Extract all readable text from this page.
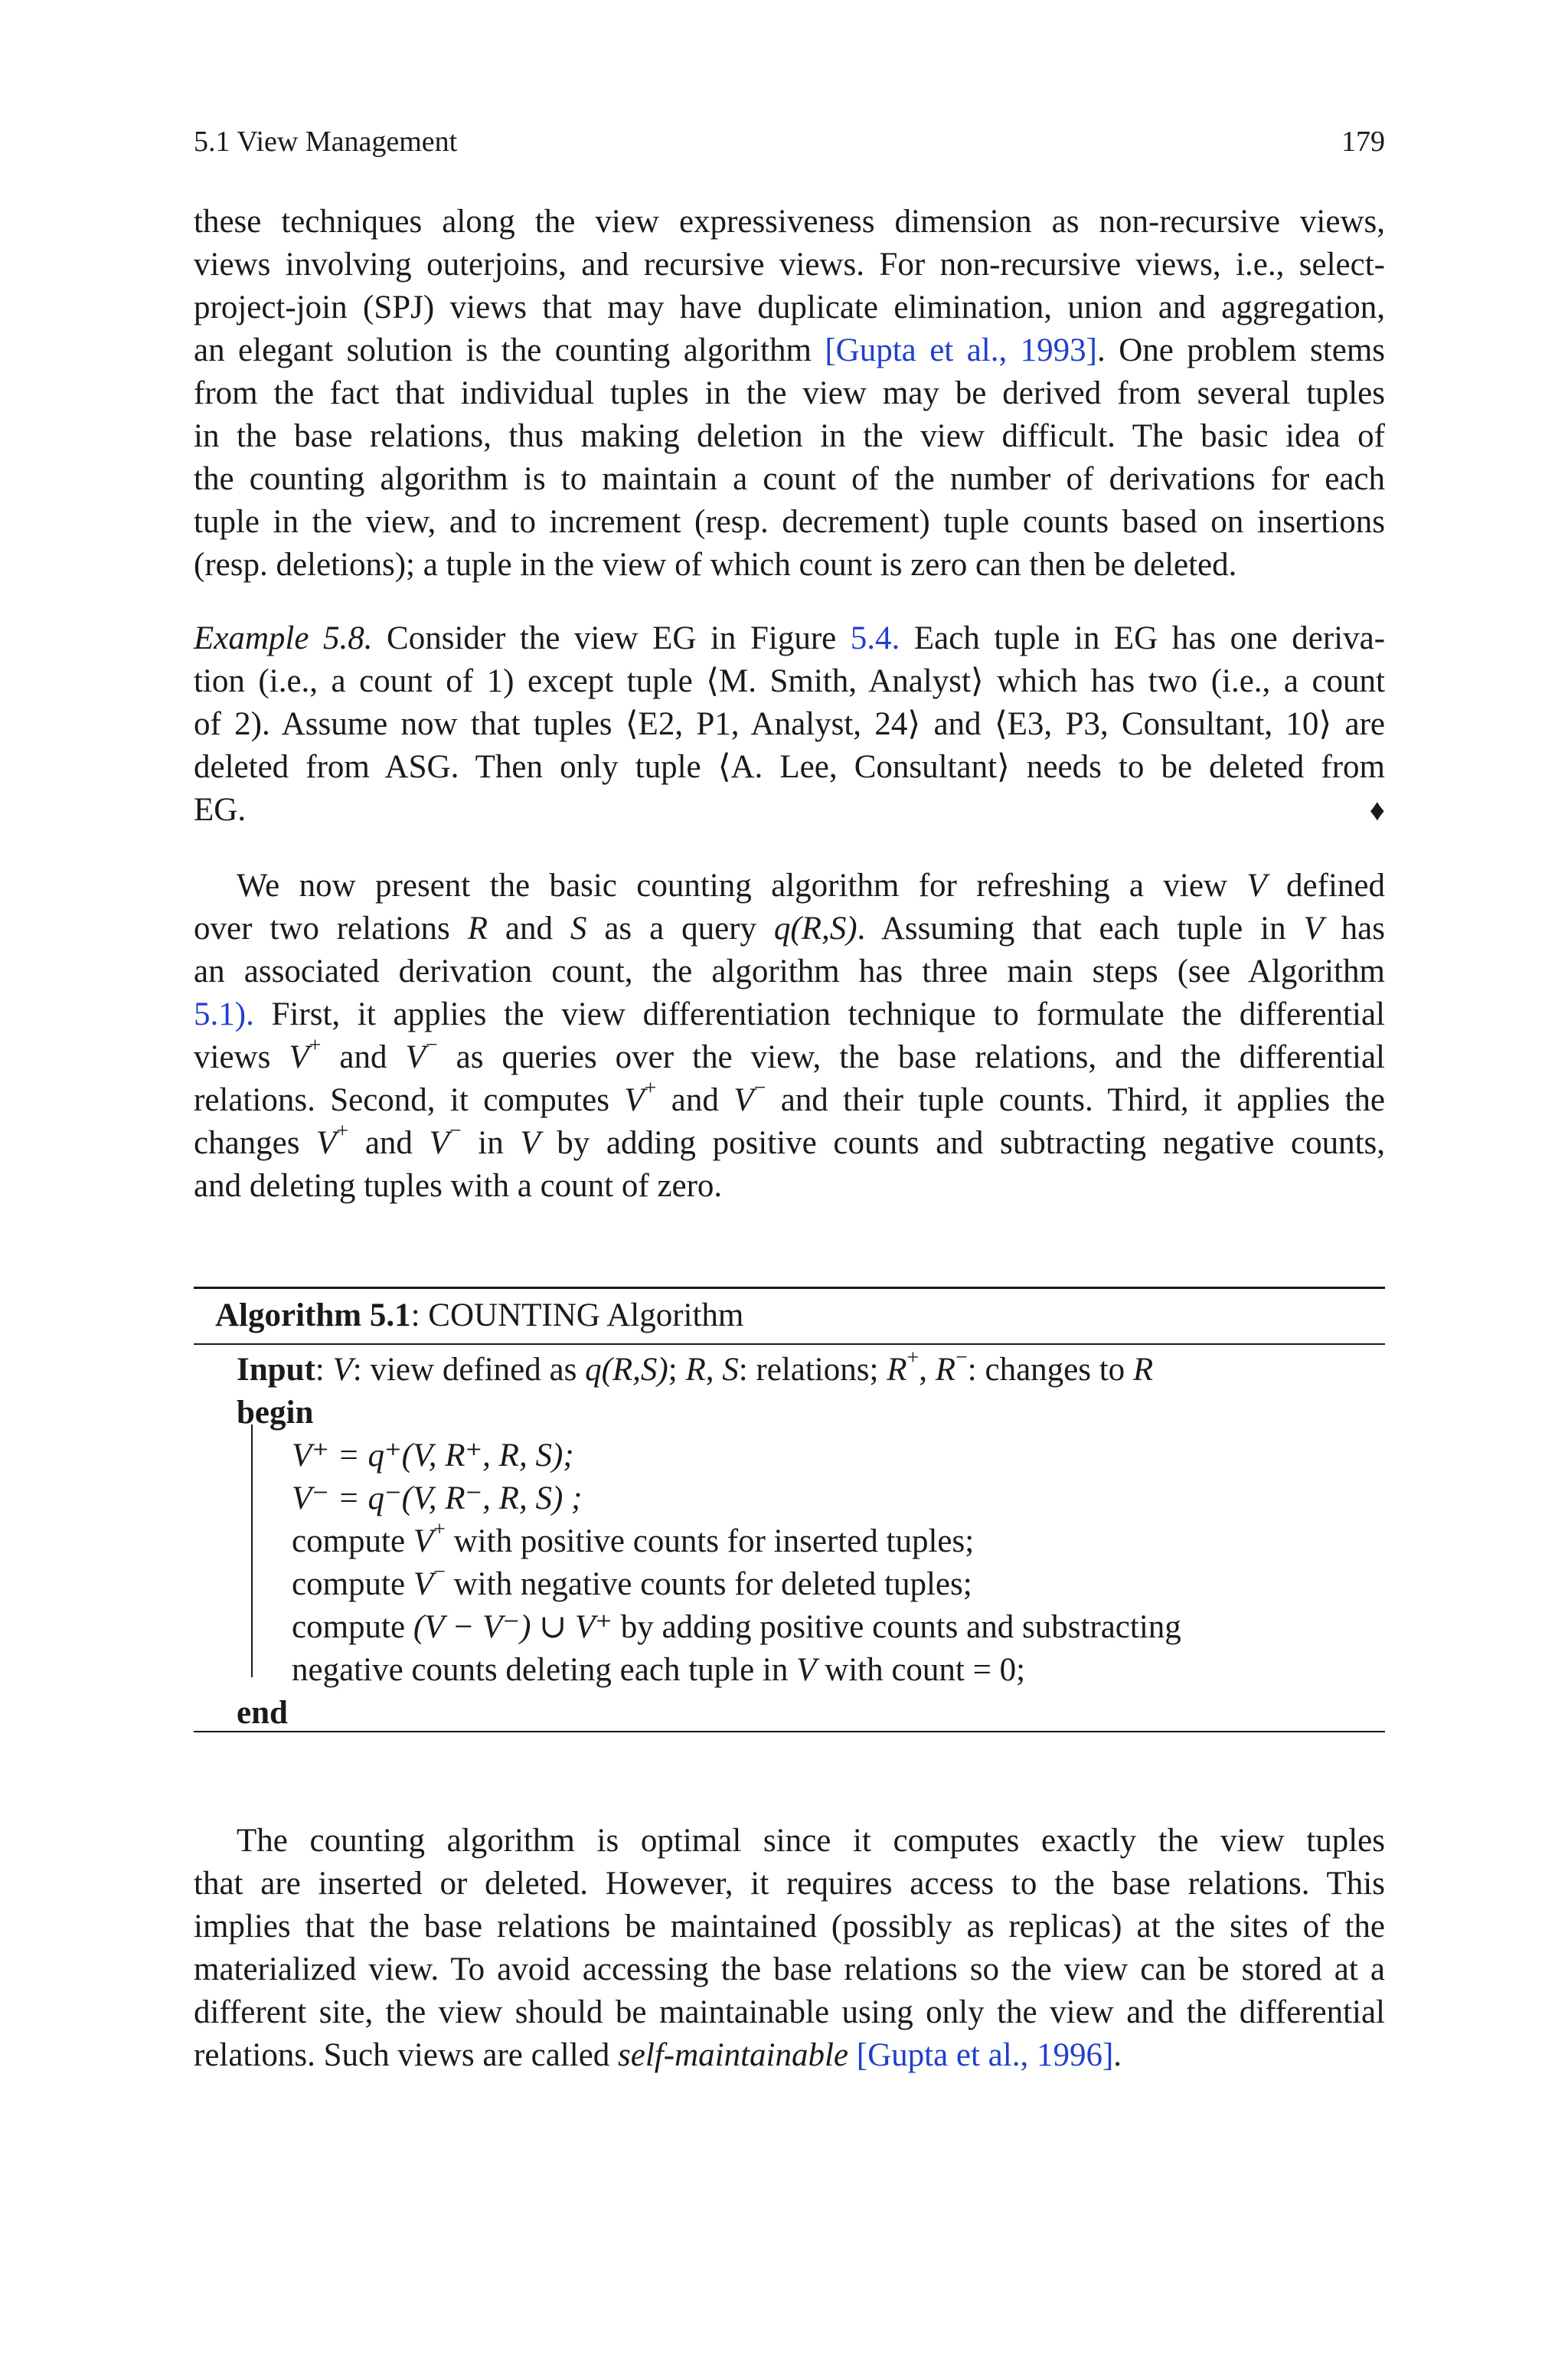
5.1 View Management	179
these techniques along the view expressiveness dimension as non-recursive views,
views involving outerjoins, and recursive views. For non-recursive views, i.e., select-
project-join (SPJ) views that may have duplicate elimination, union and aggregation,
an elegant solution is the counting algorithm [Gupta et al., 1993]. One problem stems
from the fact that individual tuples in the view may be derived from several tuples
in the base relations, thus making deletion in the view difficult. The basic idea of
the counting algorithm is to maintain a count of the number of derivations for each
tuple in the view, and to increment (resp. decrement) tuple counts based on insertions
(resp. deletions); a tuple in the view of which count is zero can then be deleted.
Example 5.8. Consider the view EG in Figure 5.4. Each tuple in EG has one deriva-
tion (i.e., a count of 1) except tuple ⟨M. Smith, Analyst⟩ which has two (i.e., a count
of 2). Assume now that tuples ⟨E2, P1, Analyst, 24⟩ and ⟨E3, P3, Consultant, 10⟩ are
deleted from ASG. Then only tuple ⟨A. Lee, Consultant⟩ needs to be deleted from
EG.	♦
We now present the basic counting algorithm for refreshing a view V defined
over two relations R and S as a query q(R,S). Assuming that each tuple in V has
an associated derivation count, the algorithm has three main steps (see Algorithm
5.1). First, it applies the view differentiation technique to formulate the differential
views V+ and V− as queries over the view, the base relations, and the differential
relations. Second, it computes V+ and V− and their tuple counts. Third, it applies the
changes V+ and V− in V by adding positive counts and subtracting negative counts,
and deleting tuples with a count of zero.
Algorithm 5.1: COUNTING Algorithm
Input: V: view defined as q(R,S); R, S: relations; R+, R−: changes to R
begin
V⁺ = q⁺(V, R⁺, R, S);
V⁻ = q⁻(V, R⁻, R, S) ;
compute V+ with positive counts for inserted tuples;
compute V− with negative counts for deleted tuples;
compute (V − V⁻) ∪ V⁺ by adding positive counts and substracting
negative counts deleting each tuple in V with count = 0;
end
The counting algorithm is optimal since it computes exactly the view tuples
that are inserted or deleted. However, it requires access to the base relations. This
implies that the base relations be maintained (possibly as replicas) at the sites of the
materialized view. To avoid accessing the base relations so the view can be stored at a
different site, the view should be maintainable using only the view and the differential
relations. Such views are called self-maintainable [Gupta et al., 1996].
